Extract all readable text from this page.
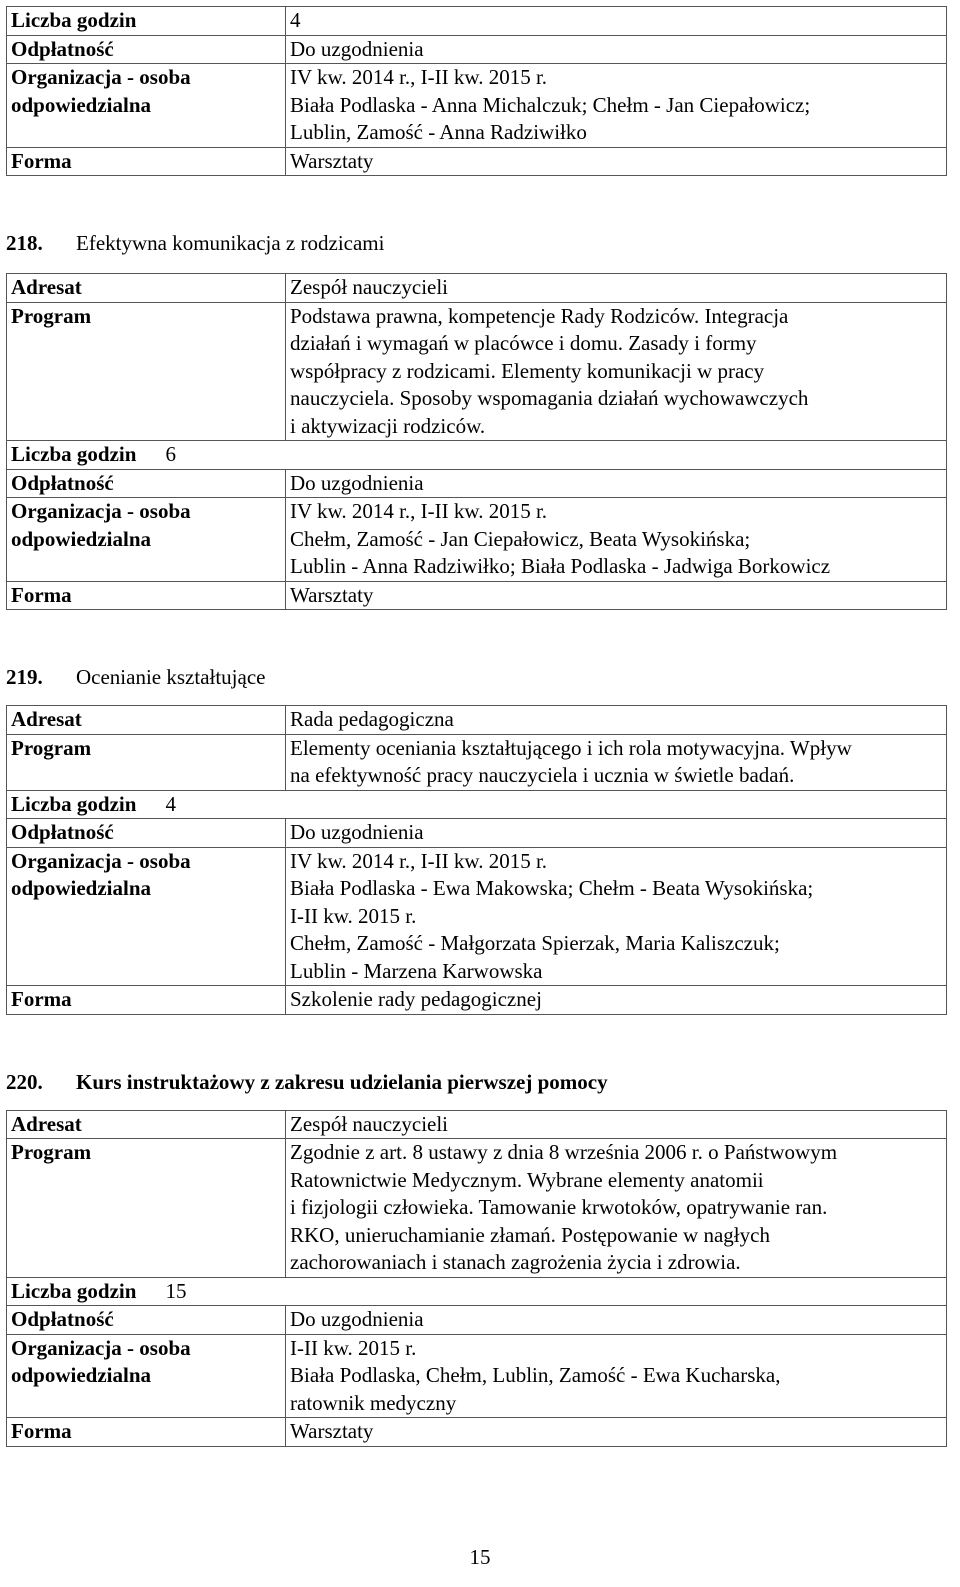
Liczba godzin	4
Odpłatność	Do uzgodnienia

Organizacja - osoba
odpowiedzialna	IV kw. 2014 r., I-II kw. 2015 r.
Biała Podlaska - Anna Michalczuk; Chełm - Jan Ciepałowicz;
Lublin, Zamość - Anna Radziwiłko

Forma	Warsztaty
218. Efektywna komunikacja z rodzicami
Adresat		Zespół nauczycieli
Program		Podstawa prawna, kompetencje Rady Rodziców. Integracja
działań i wymagań w placówce i domu. Zasady i formy
współpracy z rodzicami. Elementy komunikacji w pracy
nauczyciela. Sposoby wspomagania działań wychowawczych
i aktywizacji rodziców.

Liczba godzin	6	
Odpłatność		Do uzgodnienia

Organizacja - osoba
odpowiedzialna		IV kw. 2014 r., I-II kw. 2015 r.
Chełm, Zamość - Jan Ciepałowicz, Beata Wysokińska;
Lublin - Anna Radziwiłko; Biała Podlaska - Jadwiga Borkowicz

Forma		Warsztaty
219. Ocenianie kształtujące
Adresat		Rada pedagogiczna
Program		Elementy oceniania kształtującego i ich rola motywacyjna. Wpływ
na efektywność pracy nauczyciela i ucznia w świetle badań.

Liczba godzin	4	
Odpłatność		Do uzgodnienia

Organizacja - osoba
odpowiedzialna		IV kw. 2014 r., I-II kw. 2015 r.
Biała Podlaska - Ewa Makowska; Chełm - Beata Wysokińska;
I-II kw. 2015 r.
Chełm, Zamość - Małgorzata Spierzak, Maria Kaliszczuk;
Lublin - Marzena Karwowska

Forma		Szkolenie rady pedagogicznej
220. Kurs instruktażowy z zakresu udzielania pierwszej pomocy
Adresat		Zespół nauczycieli
Program		Zgodnie z art. 8 ustawy z dnia 8 września 2006 r. o Państwowym
Ratownictwie Medycznym. Wybrane elementy anatomii
i fizjologii człowieka. Tamowanie krwotoków, opatrywanie ran.
RKO, unieruchamianie złamań. Postępowanie w nagłych
zachorowaniach i stanach zagrożenia życia i zdrowia.

Liczba godzin	15	
Odpłatność		Do uzgodnienia

Organizacja - osoba
odpowiedzialna		I-II kw. 2015 r.
Biała Podlaska, Chełm, Lublin, Zamość - Ewa Kucharska,
ratownik medyczny

Forma		Warsztaty
15
